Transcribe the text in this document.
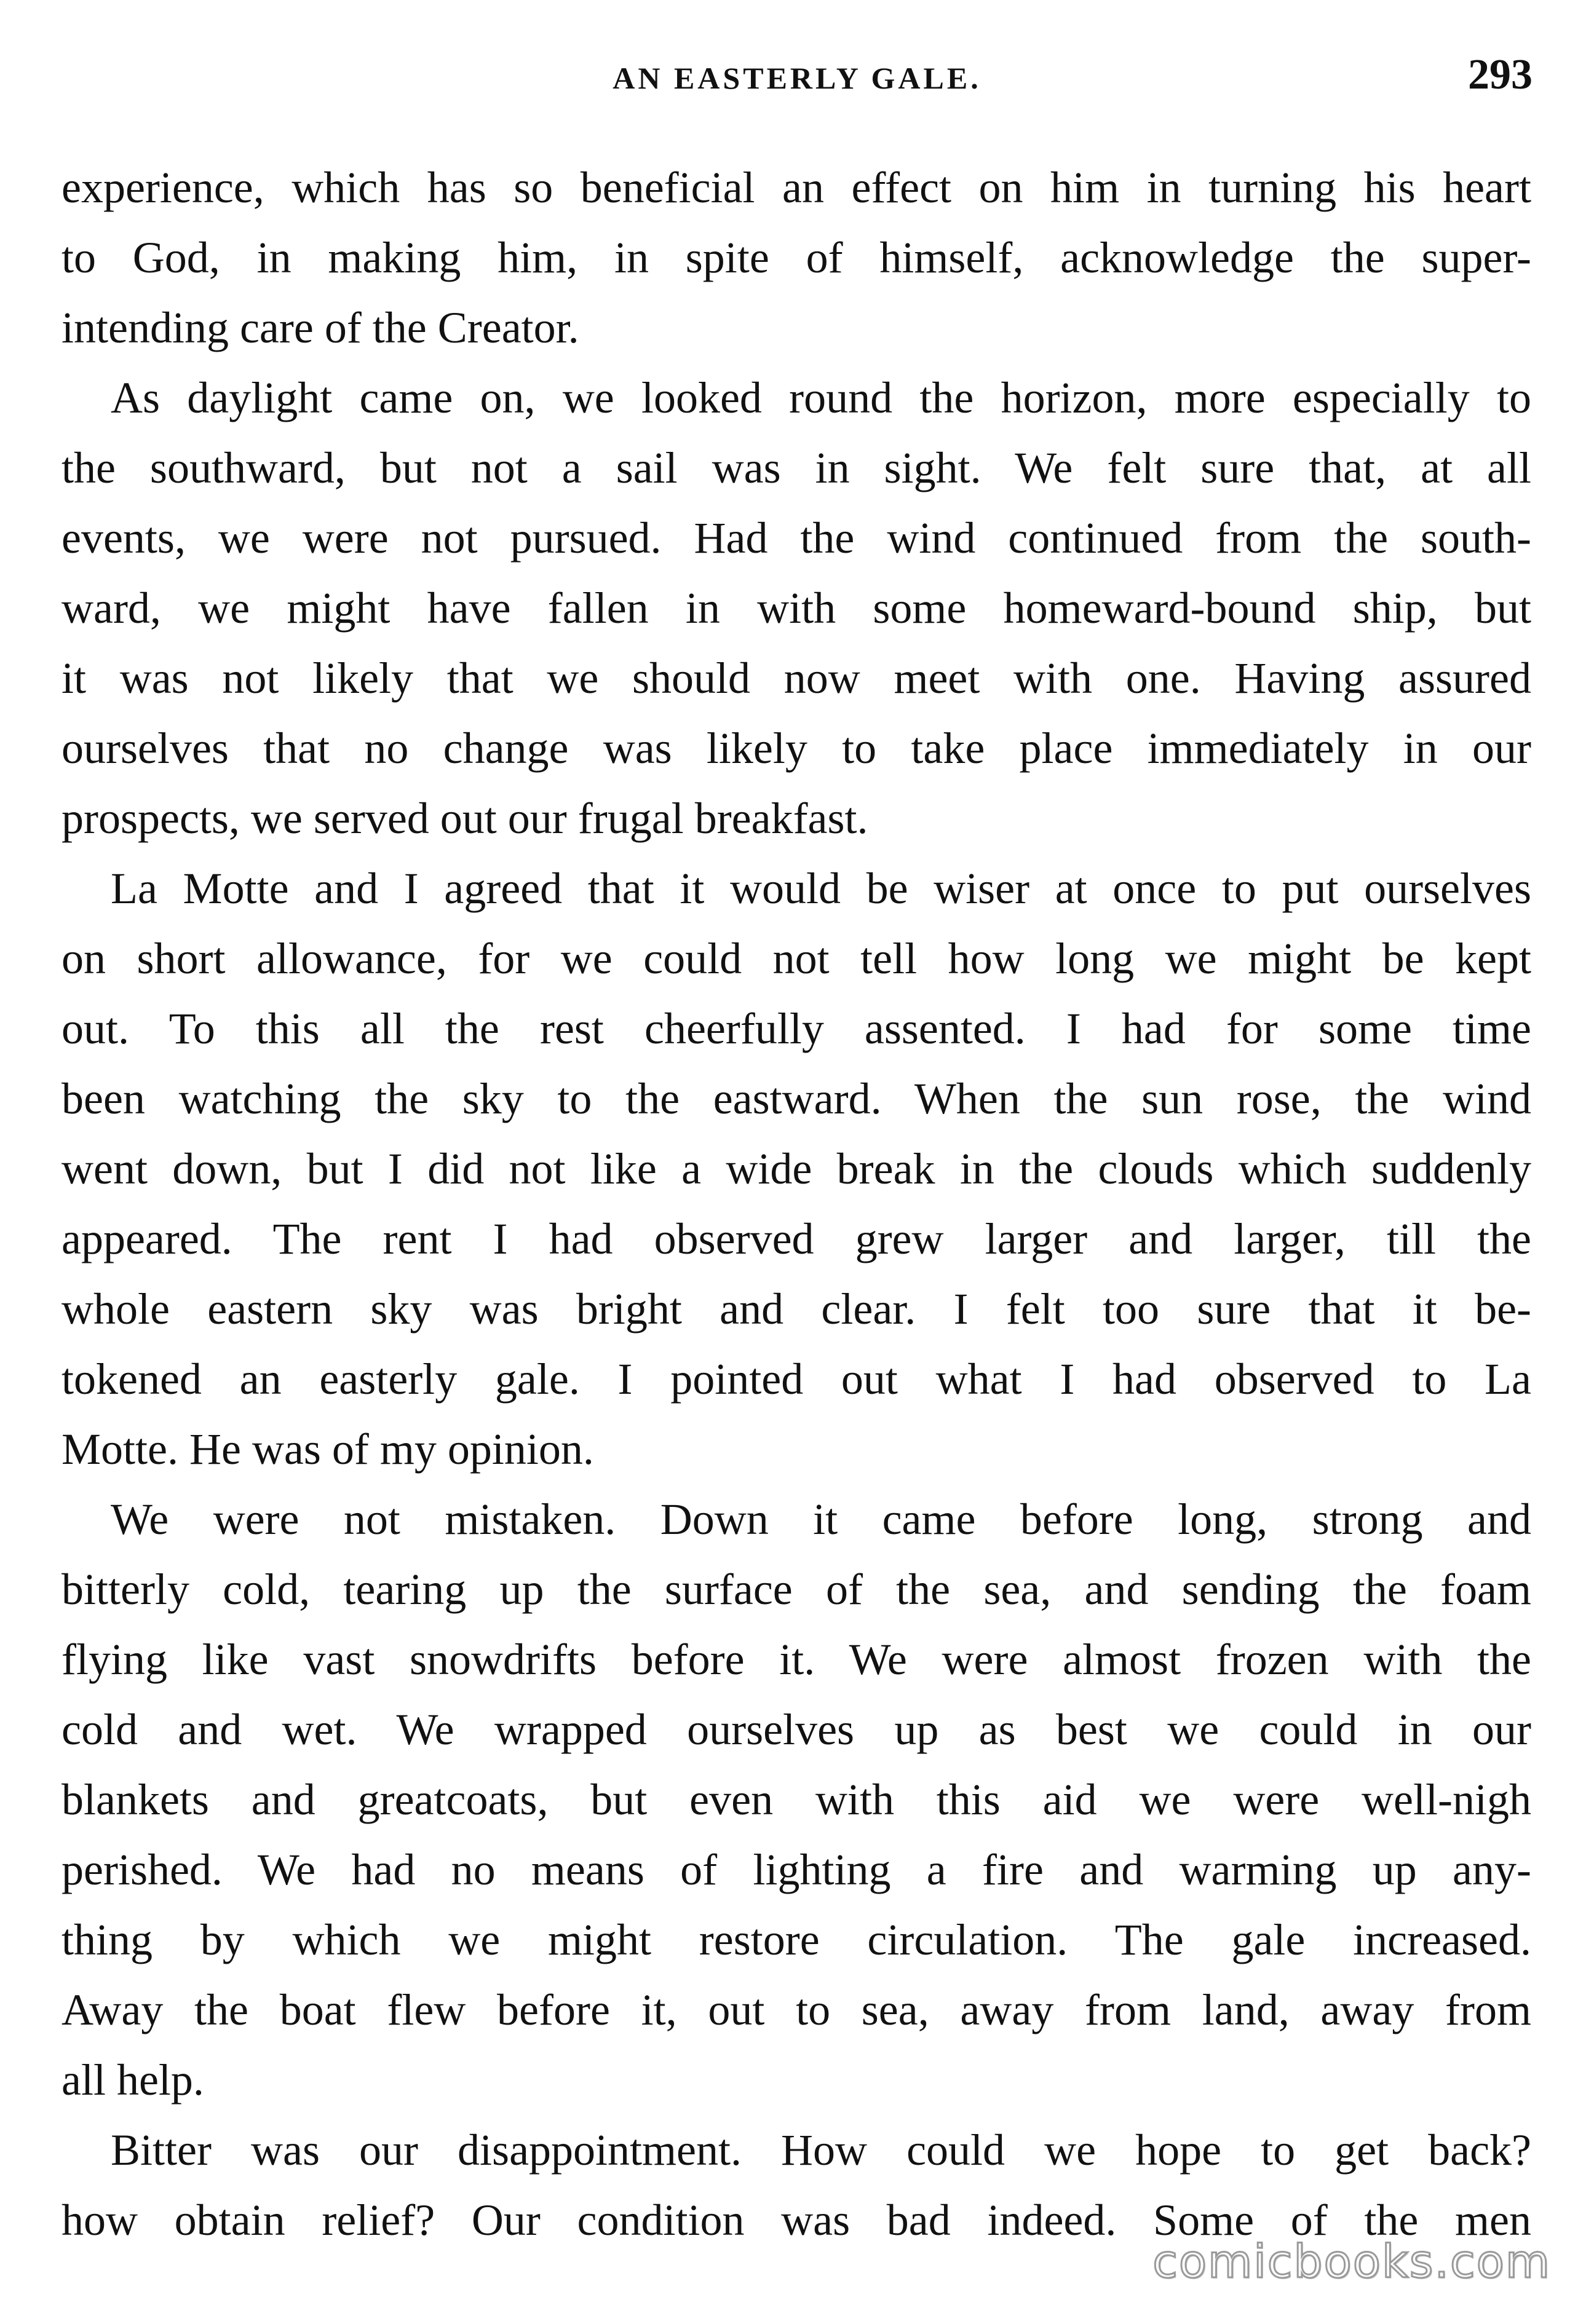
AN EASTERLY GALE.	293
experience, which has so beneficial an effect on him in turning his heart
to God, in making him, in spite of himself, acknowledge the super-
intending care of the Creator.
As daylight came on, we looked round the horizon, more especially to
the southward, but not a sail was in sight. We felt sure that, at all
events, we were not pursued. Had the wind continued from the south-
ward, we might have fallen in with some homeward-bound ship, but
it was not likely that we should now meet with one. Having assured
ourselves that no change was likely to take place immediately in our
prospects, we served out our frugal breakfast.
La Motte and I agreed that it would be wiser at once to put ourselves
on short allowance, for we could not tell how long we might be kept
out. To this all the rest cheerfully assented. I had for some time
been watching the sky to the eastward. When the sun rose, the wind
went down, but I did not like a wide break in the clouds which suddenly
appeared. The rent I had observed grew larger and larger, till the
whole eastern sky was bright and clear. I felt too sure that it be-
tokened an easterly gale. I pointed out what I had observed to La
Motte. He was of my opinion.
We were not mistaken. Down it came before long, strong and
bitterly cold, tearing up the surface of the sea, and sending the foam
flying like vast snowdrifts before it. We were almost frozen with the
cold and wet. We wrapped ourselves up as best we could in our
blankets and greatcoats, but even with this aid we were well-nigh
perished. We had no means of lighting a fire and warming up any-
thing by which we might restore circulation. The gale increased.
Away the boat flew before it, out to sea, away from land, away from
all help.
Bitter was our disappointment. How could we hope to get back?
how obtain relief? Our condition was bad indeed. Some of the men
comicbooks.com
